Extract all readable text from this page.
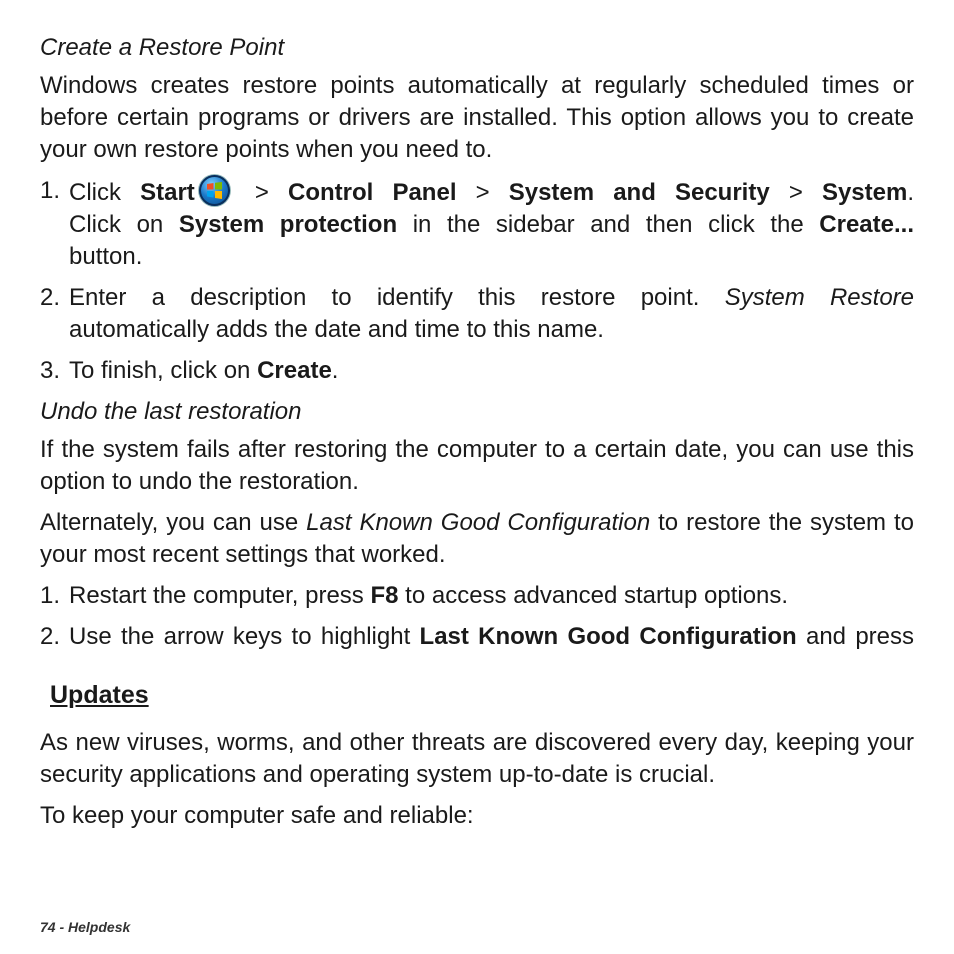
Create a Restore Point

Windows creates restore points automatically at regularly scheduled times or before certain programs or drivers are installed. This option allows you to create your own restore points when you need to.

1. Click Start	> Control Panel > System and Security > System.
Click on System protection in the sidebar and then click the Create...
button.
2. Enter a description to identify this restore point. System Restore
automatically adds the date and time to this name.
3. To finish, click on Create.
Undo the last restoration

If the system fails after restoring the computer to a certain date, you can use this option to undo the restoration.

Alternately, you can use Last Known Good Configuration to restore the system to your most recent settings that worked.

1. Restart the computer, press F8 to access advanced startup options.
2. Use the arrow keys to highlight Last Known Good Configuration and press
Updates

As new viruses, worms, and other threats are discovered every day, keeping your security applications and operating system up-to-date is crucial.

To keep your computer safe and reliable:

74 - Helpdesk
